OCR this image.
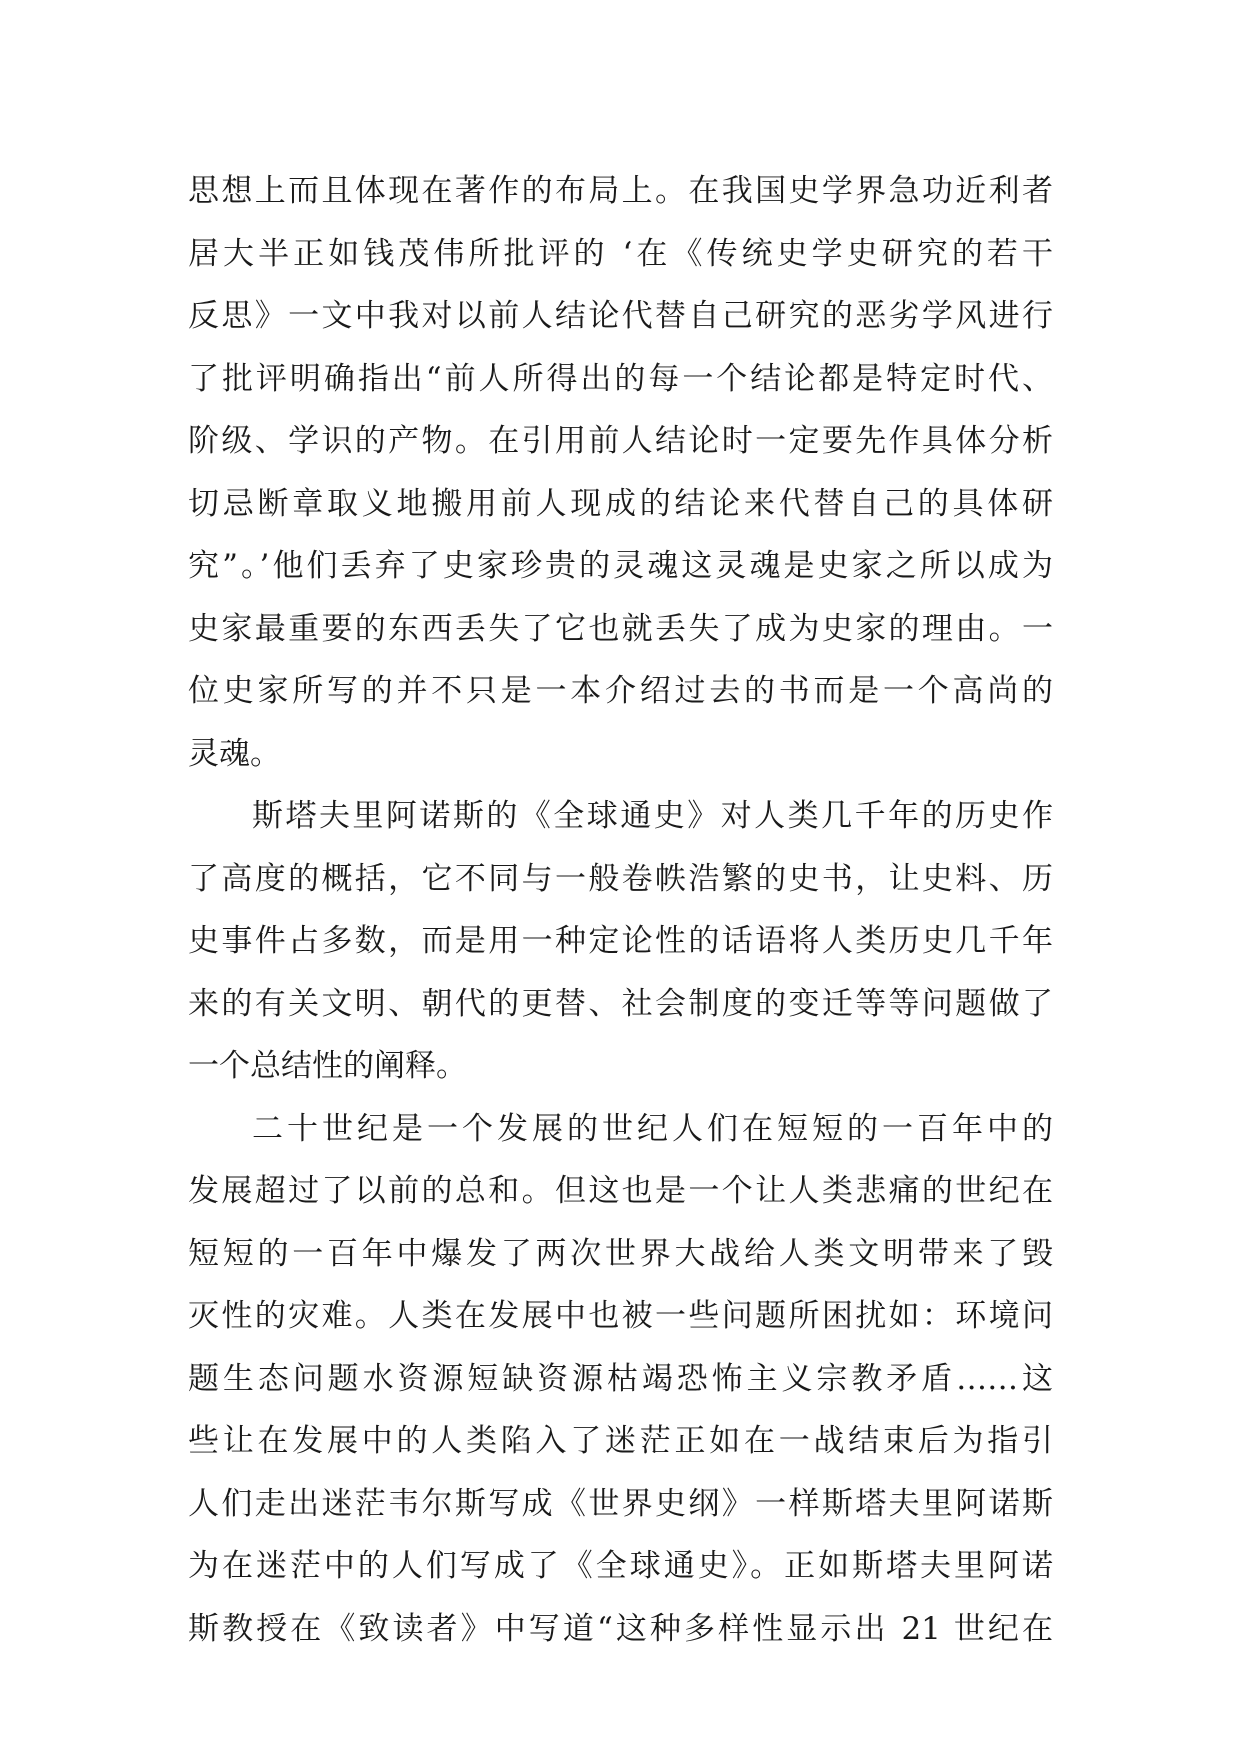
思想上而且体现在著作的布局上。在我国史学界急功近利者
居大半正如钱茂伟所批评的 ‘在《传统史学史研究的若干
反思》一文中我对以前人结论代替自己研究的恶劣学风进行
了批评明确指出“前人所得出的每一个结论都是特定时代、
阶级、学识的产物。在引用前人结论时一定要先作具体分析
切忌断章取义地搬用前人现成的结论来代替自己的具体研
究”。’他们丢弃了史家珍贵的灵魂这灵魂是史家之所以成为
史家最重要的东西丢失了它也就丢失了成为史家的理由。一
位史家所写的并不只是一本介绍过去的书而是一个高尚的
灵魂。
斯塔夫里阿诺斯的《全球通史》对人类几千年的历史作
了高度的概括，它不同与一般卷帙浩繁的史书，让史料、历
史事件占多数，而是用一种定论性的话语将人类历史几千年
来的有关文明、朝代的更替、社会制度的变迁等等问题做了
一个总结性的阐释。
二十世纪是一个发展的世纪人们在短短的一百年中的
发展超过了以前的总和。但这也是一个让人类悲痛的世纪在
短短的一百年中爆发了两次世界大战给人类文明带来了毁
灭性的灾难。人类在发展中也被一些问题所困扰如：环境问
题生态问题水资源短缺资源枯竭恐怖主义宗教矛盾……这
些让在发展中的人类陷入了迷茫正如在一战结束后为指引
人们走出迷茫韦尔斯写成《世界史纲》一样斯塔夫里阿诺斯
为在迷茫中的人们写成了《全球通史》。正如斯塔夫里阿诺
斯教授在《致读者》中写道“这种多样性显示出 21 世纪在
